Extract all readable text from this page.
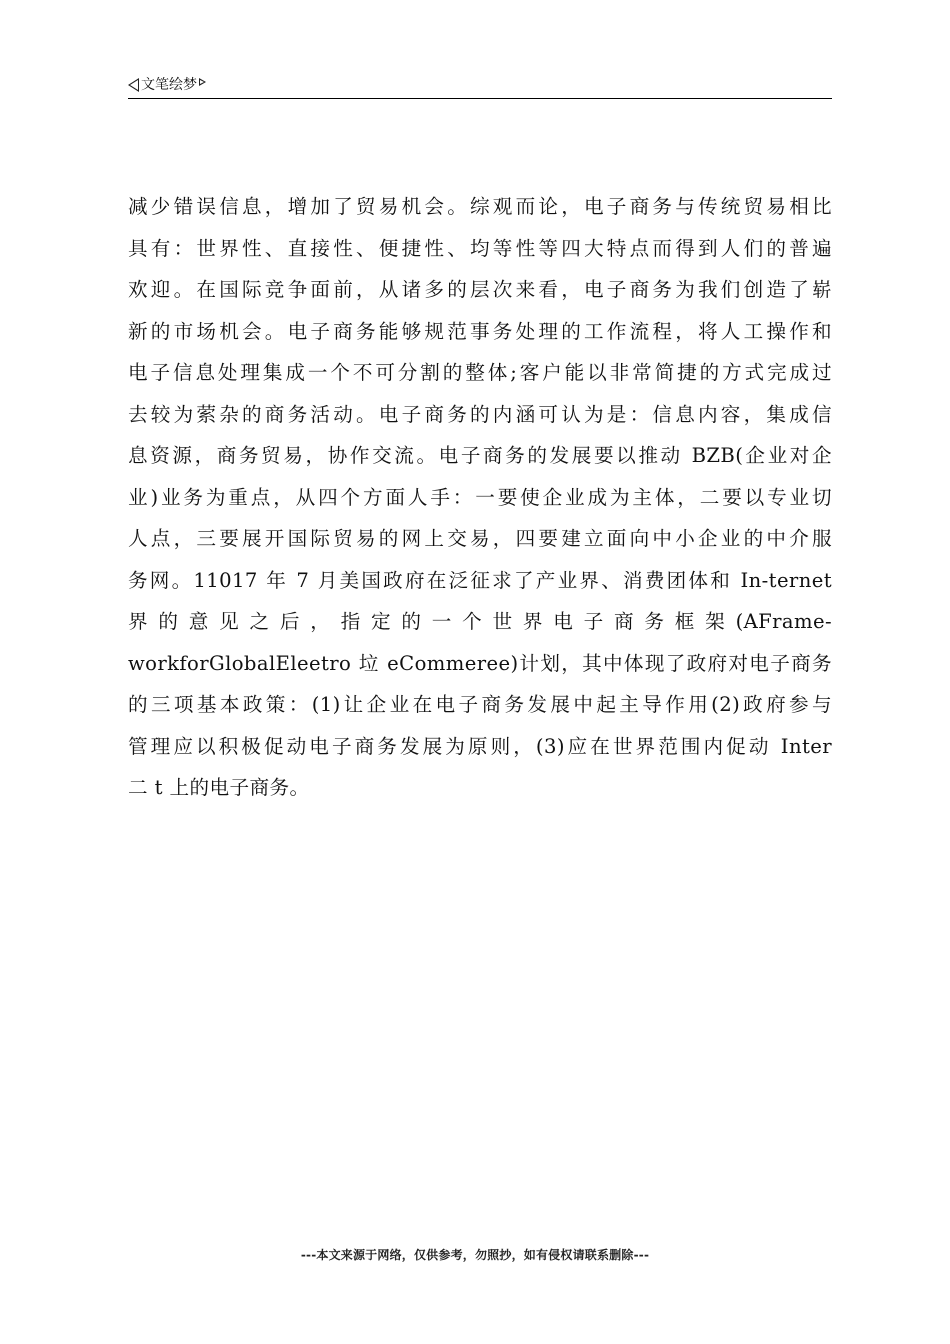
文笔绘梦
减少错误信息，增加了贸易机会。综观而论，电子商务与传统贸易相比
具有：世界性、直接性、便捷性、均等性等四大特点而得到人们的普遍
欢迎。在国际竞争面前，从诸多的层次来看，电子商务为我们创造了崭
新的市场机会。电子商务能够规范事务处理的工作流程，将人工操作和
电子信息处理集成一个不可分割的整体;客户能以非常简捷的方式完成过
去较为萦杂的商务活动。电子商务的内涵可认为是：信息内容，集成信
息资源，商务贸易，协作交流。电子商务的发展要以推动 BZB(企业对企
业)业务为重点，从四个方面人手：一要使企业成为主体，二要以专业切
人点，三要展开国际贸易的网上交易，四要建立面向中小企业的中介服
务网。11017 年 7 月美国政府在泛征求了产业界、消费团体和 In-ternet
界 的 意 见 之 后 ， 指 定 的 一 个 世 界 电 子 商 务 框 架 (AFrame-
workforGlobalEleetro 垃 eCommeree)计划，其中体现了政府对电子商务
的三项基本政策：(1)让企业在电子商务发展中起主导作用(2)政府参与
管理应以积极促动电子商务发展为原则，(3)应在世界范围内促动 Inter
二 t 上的电子商务。
---本文来源于网络，仅供参考，勿照抄，如有侵权请联系删除---
